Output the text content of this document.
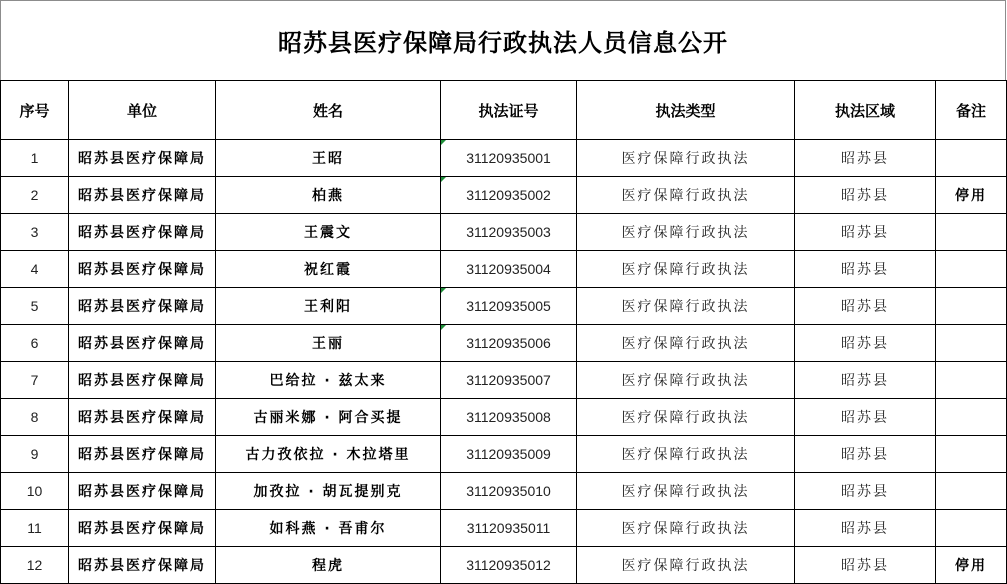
昭苏县医疗保障局行政执法人员信息公开
序号	单位	姓名	执法证号	执法类型	执法区域	备注
1	昭苏县医疗保障局	王昭	31120935001	医疗保障行政执法	昭苏县	
2	昭苏县医疗保障局	柏燕	31120935002	医疗保障行政执法	昭苏县	停用
3	昭苏县医疗保障局	王震文	31120935003	医疗保障行政执法	昭苏县	
4	昭苏县医疗保障局	祝红霞	31120935004	医疗保障行政执法	昭苏县	
5	昭苏县医疗保障局	王利阳	31120935005	医疗保障行政执法	昭苏县	
6	昭苏县医疗保障局	王丽	31120935006	医疗保障行政执法	昭苏县	
7	昭苏县医疗保障局	巴给拉 · 兹太来	31120935007	医疗保障行政执法	昭苏县	
8	昭苏县医疗保障局	古丽米娜 · 阿合买提	31120935008	医疗保障行政执法	昭苏县	
9	昭苏县医疗保障局	古力孜依拉 · 木拉塔里	31120935009	医疗保障行政执法	昭苏县	
10	昭苏县医疗保障局	加孜拉 · 胡瓦提别克	31120935010	医疗保障行政执法	昭苏县	
11	昭苏县医疗保障局	如科燕 · 吾甫尔	31120935011	医疗保障行政执法	昭苏县	
12	昭苏县医疗保障局	程虎	31120935012	医疗保障行政执法	昭苏县	停用
